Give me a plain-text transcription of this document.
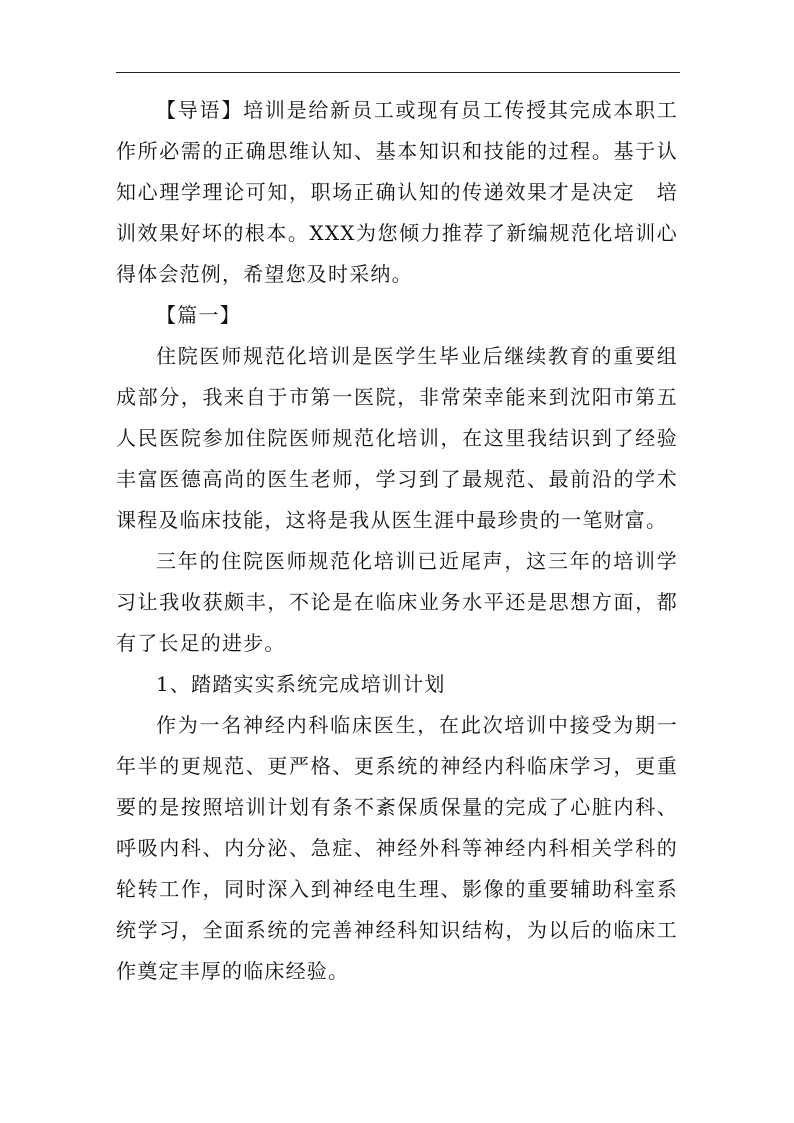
【导语】培训是给新员工或现有员工传授其完成本职工作所必需的正确思维认知、基本知识和技能的过程。基于认知心理学理论可知，职场正确认知的传递效果才是决定　培训效果好坏的根本。XXX为您倾力推荐了新编规范化培训心得体会范例，希望您及时采纳。

【篇一】

住院医师规范化培训是医学生毕业后继续教育的重要组成部分，我来自于市第一医院，非常荣幸能来到沈阳市第五人民医院参加住院医师规范化培训，在这里我结识到了经验丰富医德高尚的医生老师，学习到了最规范、最前沿的学术课程及临床技能，这将是我从医生涯中最珍贵的一笔财富。

三年的住院医师规范化培训已近尾声，这三年的培训学习让我收获颇丰，不论是在临床业务水平还是思想方面，都有了长足的进步。

1、踏踏实实系统完成培训计划

作为一名神经内科临床医生，在此次培训中接受为期一年半的更规范、更严格、更系统的神经内科临床学习，更重要的是按照培训计划有条不紊保质保量的完成了心脏内科、呼吸内科、内分泌、急症、神经外科等神经内科相关学科的轮转工作，同时深入到神经电生理、影像的重要辅助科室系统学习，全面系统的完善神经科知识结构，为以后的临床工作奠定丰厚的临床经验。
